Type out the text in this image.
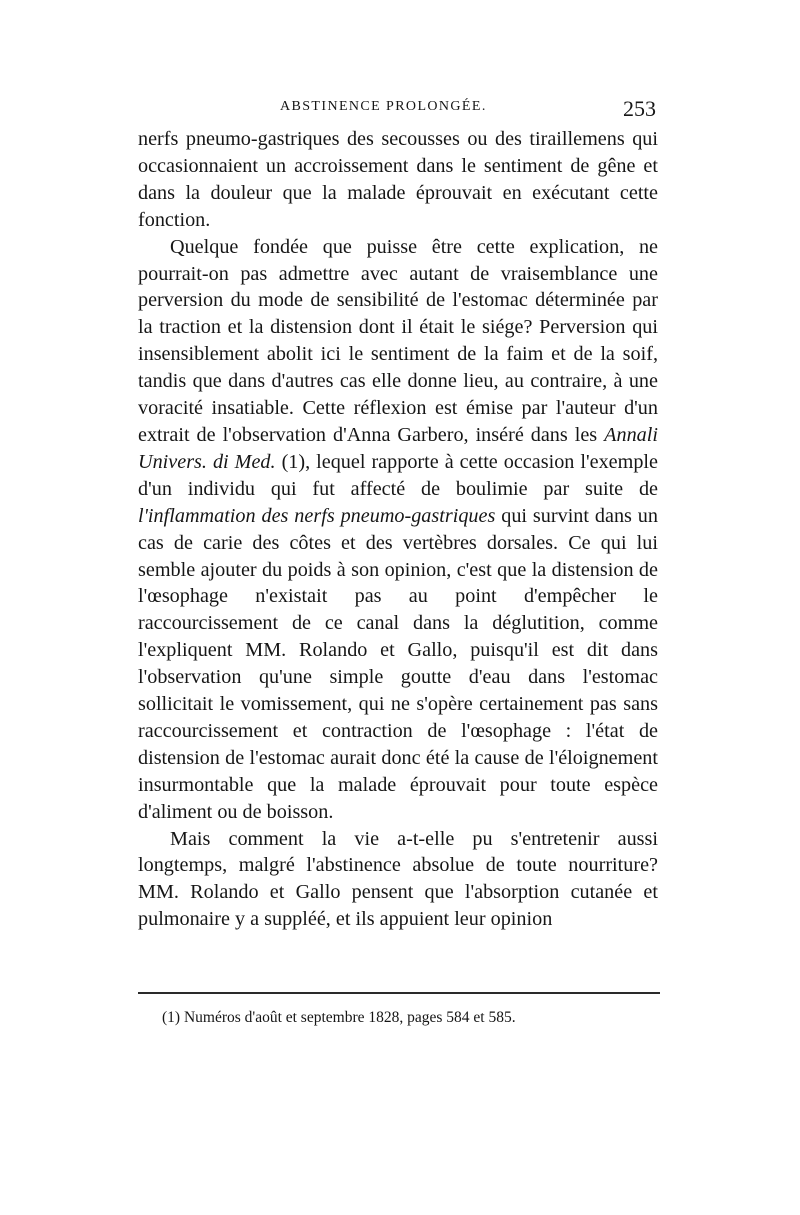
ABSTINENCE PROLONGÉE.	253

nerfs pneumo-gastriques des secousses ou des tiraillemens qui occasionnaient un accroissement dans le sentiment de gêne et dans la douleur que la malade éprouvait en exécutant cette fonction.

Quelque fondée que puisse être cette explication, ne pourrait-on pas admettre avec autant de vraisemblance une perversion du mode de sensibilité de l'estomac déterminée par la traction et la distension dont il était le siége? Perversion qui insensiblement abolit ici le sentiment de la faim et de la soif, tandis que dans d'autres cas elle donne lieu, au contraire, à une voracité insatiable. Cette réflexion est émise par l'auteur d'un extrait de l'observation d'Anna Garbero, inséré dans les Annali Univers. di Med. (1), lequel rapporte à cette occasion l'exemple d'un individu qui fut affecté de boulimie par suite de l'inflammation des nerfs pneumo-gastriques qui survint dans un cas de carie des côtes et des vertèbres dorsales. Ce qui lui semble ajouter du poids à son opinion, c'est que la distension de l'œsophage n'existait pas au point d'empêcher le raccourcissement de ce canal dans la déglutition, comme l'expliquent MM. Rolando et Gallo, puisqu'il est dit dans l'observation qu'une simple goutte d'eau dans l'estomac sollicitait le vomissement, qui ne s'opère certainement pas sans raccourcissement et contraction de l'œsophage : l'état de distension de l'estomac aurait donc été la cause de l'éloignement insurmontable que la malade éprouvait pour toute espèce d'aliment ou de boisson.

Mais comment la vie a-t-elle pu s'entretenir aussi longtemps, malgré l'abstinence absolue de toute nourriture? MM. Rolando et Gallo pensent que l'absorption cutanée et pulmonaire y a suppléé, et ils appuient leur opinion

(1) Numéros d'août et septembre 1828, pages 584 et 585.
